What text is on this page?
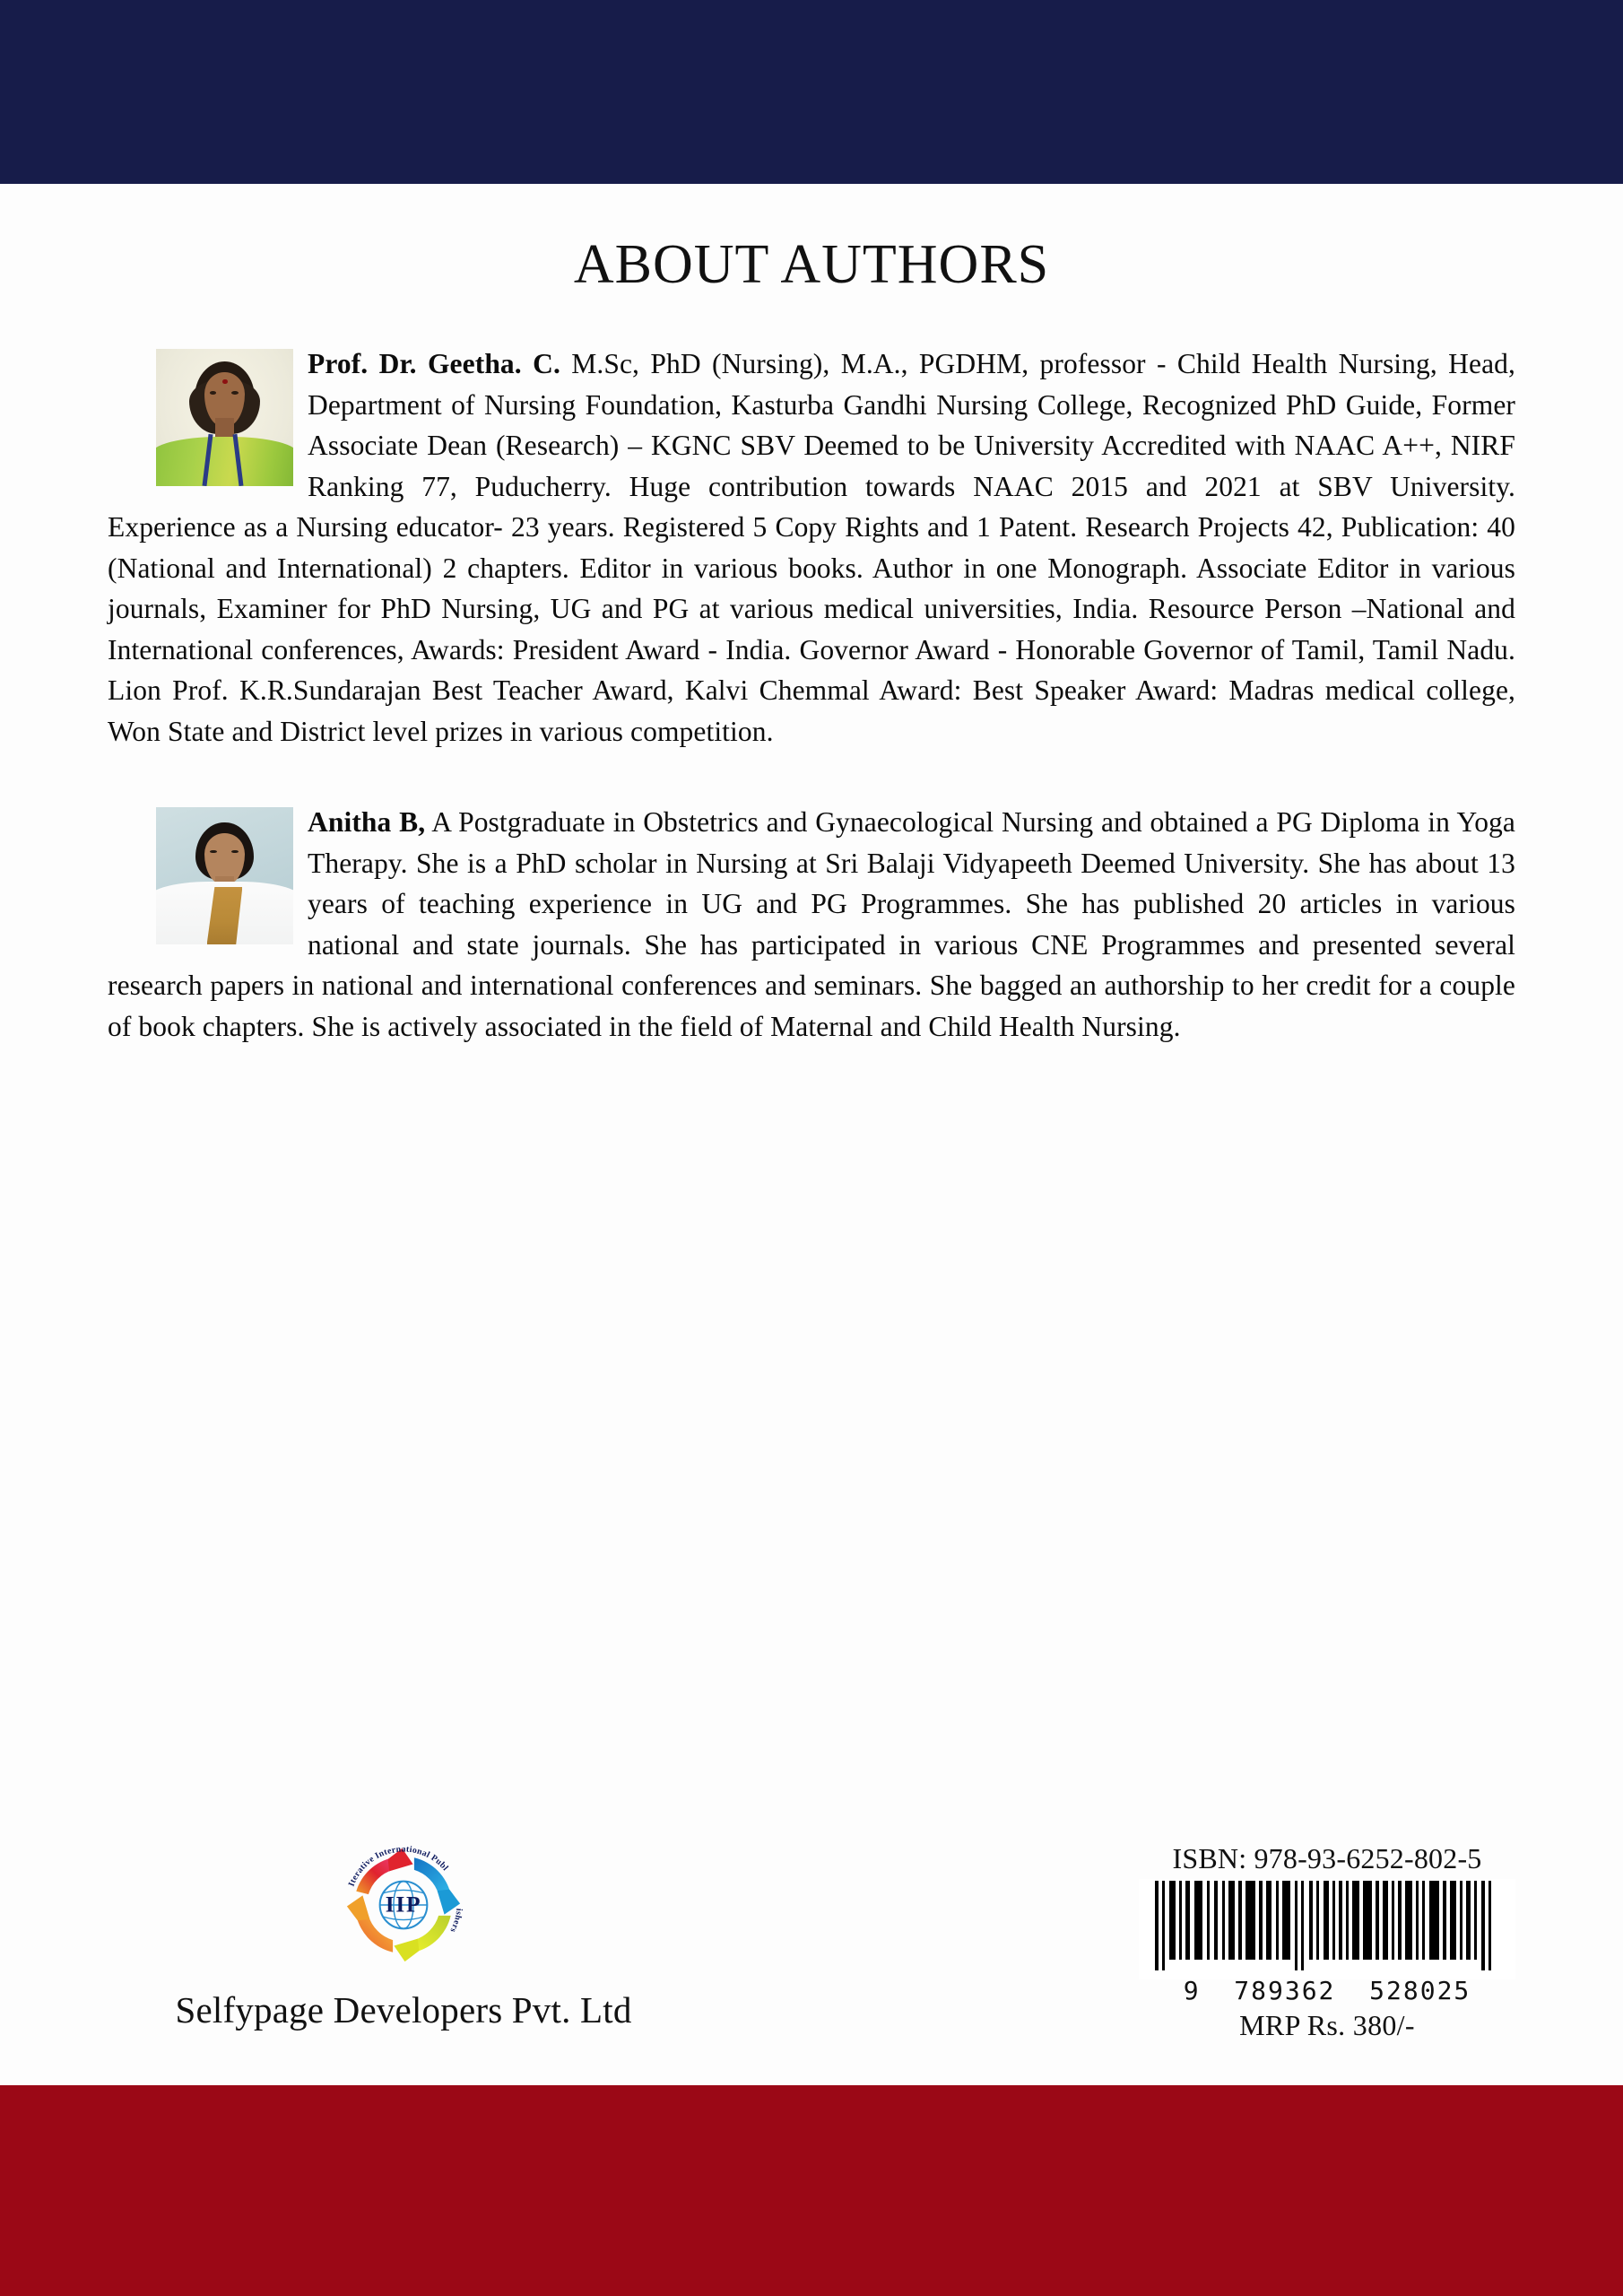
ABOUT AUTHORS
Prof. Dr. Geetha. C. M.Sc, PhD (Nursing), M.A., PGDHM, professor - Child Health Nursing, Head, Department of Nursing Foundation, Kasturba Gandhi Nursing College, Recognized PhD Guide, Former Associate Dean (Research) – KGNC SBV Deemed to be University Accredited with NAAC A++, NIRF Ranking 77, Puducherry. Huge contribution towards NAAC 2015 and 2021 at SBV University. Experience as a Nursing educator- 23 years. Registered 5 Copy Rights and 1 Patent. Research Projects 42, Publication: 40 (National and International) 2 chapters. Editor in various books. Author in one Monograph. Associate Editor in various journals, Examiner for PhD Nursing, UG and PG at various medical universities, India. Resource Person –National and International conferences, Awards: President Award - India. Governor Award - Honorable Governor of Tamil, Tamil Nadu. Lion Prof. K.R.Sundarajan Best Teacher Award, Kalvi Chemmal Award: Best Speaker Award: Madras medical college, Won State and District level prizes in various competition.
Anitha B, A Postgraduate in Obstetrics and Gynaecological Nursing and obtained a PG Diploma in Yoga Therapy. She is a PhD scholar in Nursing at Sri Balaji Vidyapeeth Deemed University. She has about 13 years of teaching experience in UG and PG Programmes. She has published 20 articles in various national and state journals. She has participated in various CNE Programmes and presented several research papers in national and international conferences and seminars. She bagged an authorship to her credit for a couple of book chapters. She is actively associated in the field of Maternal and Child Health Nursing.
Iterative International Publ
ishers
IIP
Selfypage Developers Pvt. Ltd
ISBN: 978-93-6252-802-5
9 789362 528025
MRP Rs. 380/-
